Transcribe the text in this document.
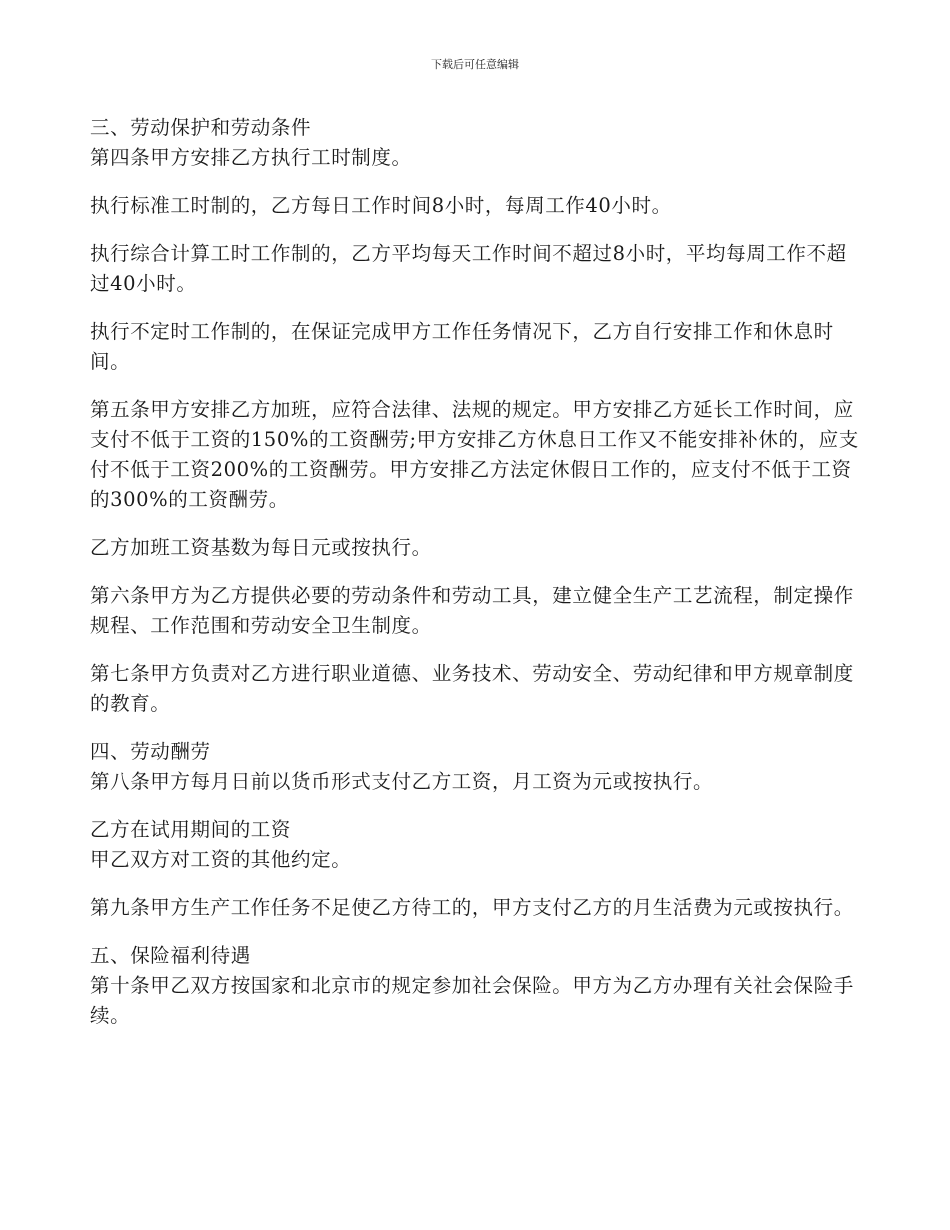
下载后可任意编辑

三、劳动保护和劳动条件

第四条甲方安排乙方执行工时制度。

执行标准工时制的，乙方每日工作时间8小时，每周工作40小时。

执行综合计算工时工作制的，乙方平均每天工作时间不超过8小时，平均每周工作不超过40小时。

执行不定时工作制的，在保证完成甲方工作任务情况下，乙方自行安排工作和休息时间。

第五条甲方安排乙方加班，应符合法律、法规的规定。甲方安排乙方延长工作时间，应支付不低于工资的150%的工资酬劳;甲方安排乙方休息日工作又不能安排补休的，应支付不低于工资200%的工资酬劳。甲方安排乙方法定休假日工作的，应支付不低于工资的300%的工资酬劳。

乙方加班工资基数为每日元或按执行。

第六条甲方为乙方提供必要的劳动条件和劳动工具，建立健全生产工艺流程，制定操作规程、工作范围和劳动安全卫生制度。

第七条甲方负责对乙方进行职业道德、业务技术、劳动安全、劳动纪律和甲方规章制度的教育。

四、劳动酬劳

第八条甲方每月日前以货币形式支付乙方工资，月工资为元或按执行。

乙方在试用期间的工资

甲乙双方对工资的其他约定。

第九条甲方生产工作任务不足使乙方待工的，甲方支付乙方的月生活费为元或按执行。

五、保险福利待遇

第十条甲乙双方按国家和北京市的规定参加社会保险。甲方为乙方办理有关社会保险手续。
